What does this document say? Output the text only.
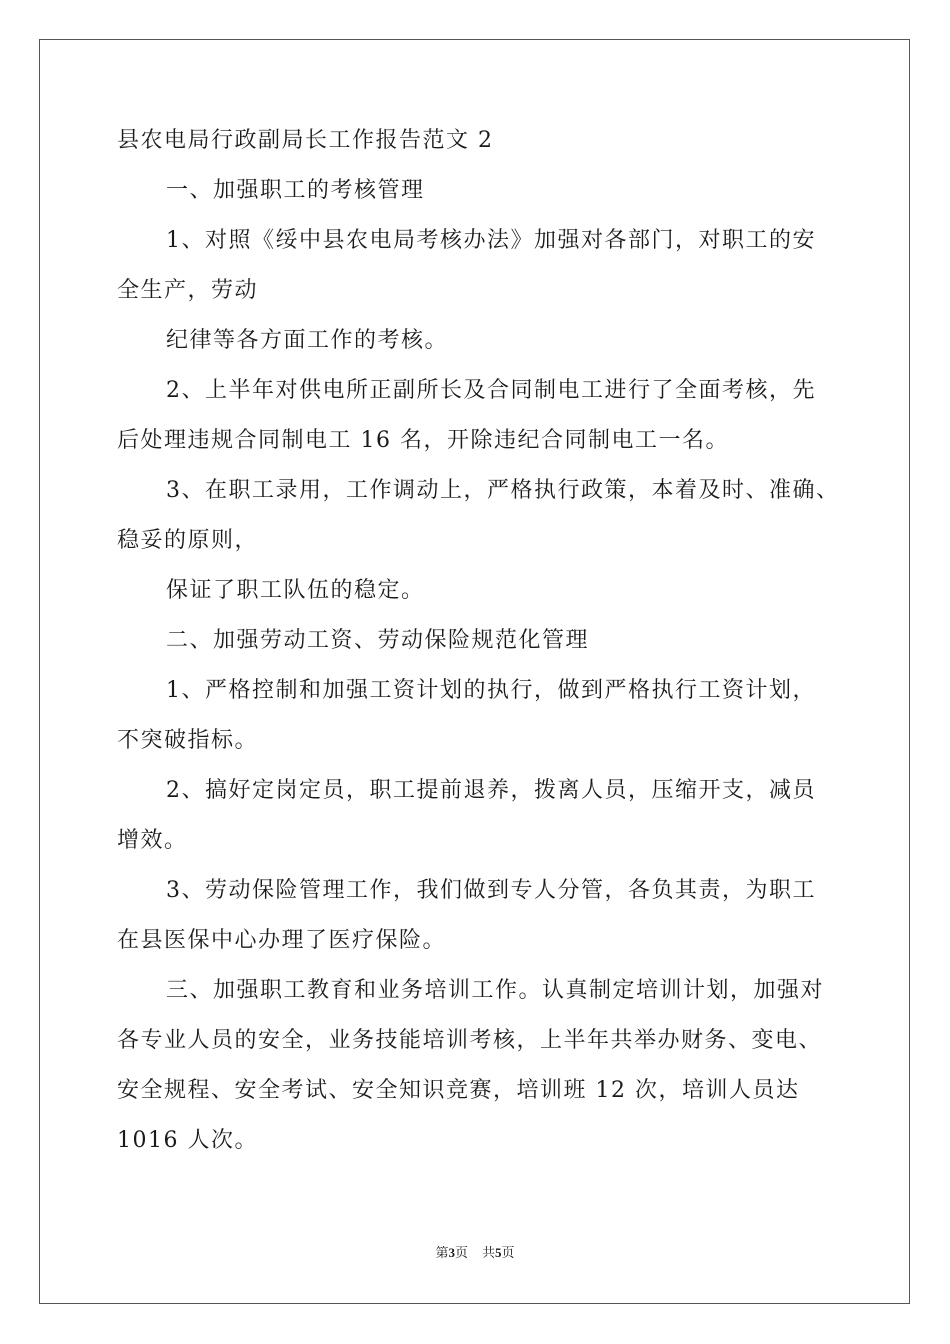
县农电局行政副局长工作报告范文 2
一、加强职工的考核管理
1、对照《绥中县农电局考核办法》加强对各部门，对职工的安
全生产，劳动
纪律等各方面工作的考核。
2、上半年对供电所正副所长及合同制电工进行了全面考核，先
后处理违规合同制电工 16 名，开除违纪合同制电工一名。
3、在职工录用，工作调动上，严格执行政策，本着及时、准确、
稳妥的原则，
保证了职工队伍的稳定。
二、加强劳动工资、劳动保险规范化管理
1、严格控制和加强工资计划的执行，做到严格执行工资计划，
不突破指标。
2、搞好定岗定员，职工提前退养，拨离人员，压缩开支，减员
增效。
3、劳动保险管理工作，我们做到专人分管，各负其责，为职工
在县医保中心办理了医疗保险。
三、加强职工教育和业务培训工作。认真制定培训计划，加强对
各专业人员的安全，业务技能培训考核，上半年共举办财务、变电、
安全规程、安全考试、安全知识竞赛，培训班 12 次，培训人员达
1016 人次。
第3页 共5页
